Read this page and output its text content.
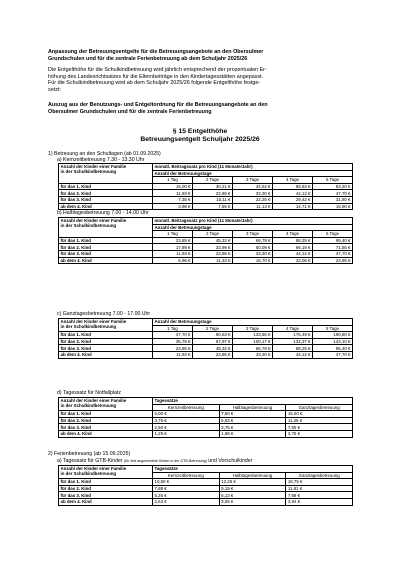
Anpassung der Betreuungsentgelte für die Betreuungsangebote an den Obersulmer
Grundschulen und für die zentrale Ferienbetreuung ab dem Schuljahr 2025/26
Die Entgelthöhe für die Schulkindbetreuung wird jährlich entsprechend der prozentualen Er-
höhung des Landesrichtsatzes für die Elternbeiträge in den Kindertagesstätten angepasst.
Für die Schulkindbetreuung wird ab dem Schuljahr 2025/26 folgende Entgelthöhe festge-
setzt:
Auszug aus der Benutzungs- und Entgeltordnung für die Betreuungsangebote an den
Obersulmer Grundschulen und für die zentrale Ferienbetreuung
§ 15 Entgelthöhe
Betreuungsentgelt Schuljahr 2025/26
1) Betreuung an den Schultagen (ab 01.09.2025)
a) Kernzeitbetreuung 7.30 - 13.30 Uhr
Anzahl der Kinder einer Familie
in der Schulkindbetreuung	monatl. Beitragssatz pro Kind (11 Monate/Jahr)				
	Anzahl der Betreuungstage				
	1 Tag	2 Tage	3 Tage	4 Tage	5 Tage
für das 1. Kind	15,00 €	30,21 €	44,52 €	59,83 €	83,20 €
für das 2. Kind	11,93 €	22,86 €	33,30 €	44,12 €	47,70 €
für das 3. Kind	7,35 €	15,11 €	22,25 €	29,42 €	31,80 €
ab dem 4. Kind	3,98 €	7,55 €	11,13 €	14,71 €	15,90 €
b) Halbtagesbetreuung 7.00 - 14.00 Uhr
Anzahl der Kinder einer Familie
in der Schulkindbetreuung	monatl. Beitragssatz pro Kind (11 Monate/Jahr)				
	Anzahl der Betreuungstage				
	1 Tag	2 Tage	3 Tage	4 Tage	5 Tage
für das 1. Kind	23,85 €	45,32 €	66,78 €	88,25 €	95,40 €
für das 2. Kind	17,89 €	33,99 €	50,09 €	66,19 €	71,55 €
für das 3. Kind	11,93 €	22,86 €	33,30 €	44,12 €	47,70 €
ab dem 4. Kind	5,96 €	11,33 €	16,70 €	22,06 €	23,85 €
c) Ganztagesbetreuung 7.00 - 17.00 Uhr
Anzahl der Kinder einer Familie
in der Schulkindbetreuung	Anzahl der Betreuungstage				
	1 Tag	2 Tage	3 Tage	4 Tage	5 Tage
für das 1. Kind	47,70 €	90,63 €	133,56 €	176,49 €	190,80 €
für das 2. Kind	35,78 €	67,97 €	100,17 €	132,37 €	143,10 €
für das 3. Kind	23,85 €	45,32 €	66,78 €	88,25 €	95,40 €
ab dem 4. Kind	11,93 €	22,86 €	33,30 €	44,12 €	47,70 €
d) Tagessatz für Notfallplatz
Anzahl der Kinder einer Familie
in der Schulkindbetreuung	Tagessätze		
	Kernzeitbetreuung	Halbtagesbetreuung	Ganztagesbetreuung
für das 1. Kind	5,00 €	7,50 €	15,00 €
für das 2. Kind	3,75 €	5,63 €	11,25 €
für das 3. Kind	2,50 €	3,75 €	7,50 €
ab dem 4. Kind	1,25 €	1,88 €	3,75 €
2) Ferienbetreuung (ab 15.09.2025)
a) Tagessatz für GTB-Kinder (für fest angemeldete Kinder in der GTB-Betreuung) und Vorschulkinder
Anzahl der Kinder einer Familie
in der Schulkindbetreuung	Tagessätze		
	Kernzeitbetreuung	Halbtagesbetreuung	Ganztagesbetreuung
für das 1. Kind	10,50 €	12,25 €	15,75 €
für das 2. Kind	7,88 €	9,19 €	11,81 €
für das 3. Kind	5,25 €	6,13 €	7,88 €
ab dem 4. Kind	2,63 €	3,06 €	3,94 €
